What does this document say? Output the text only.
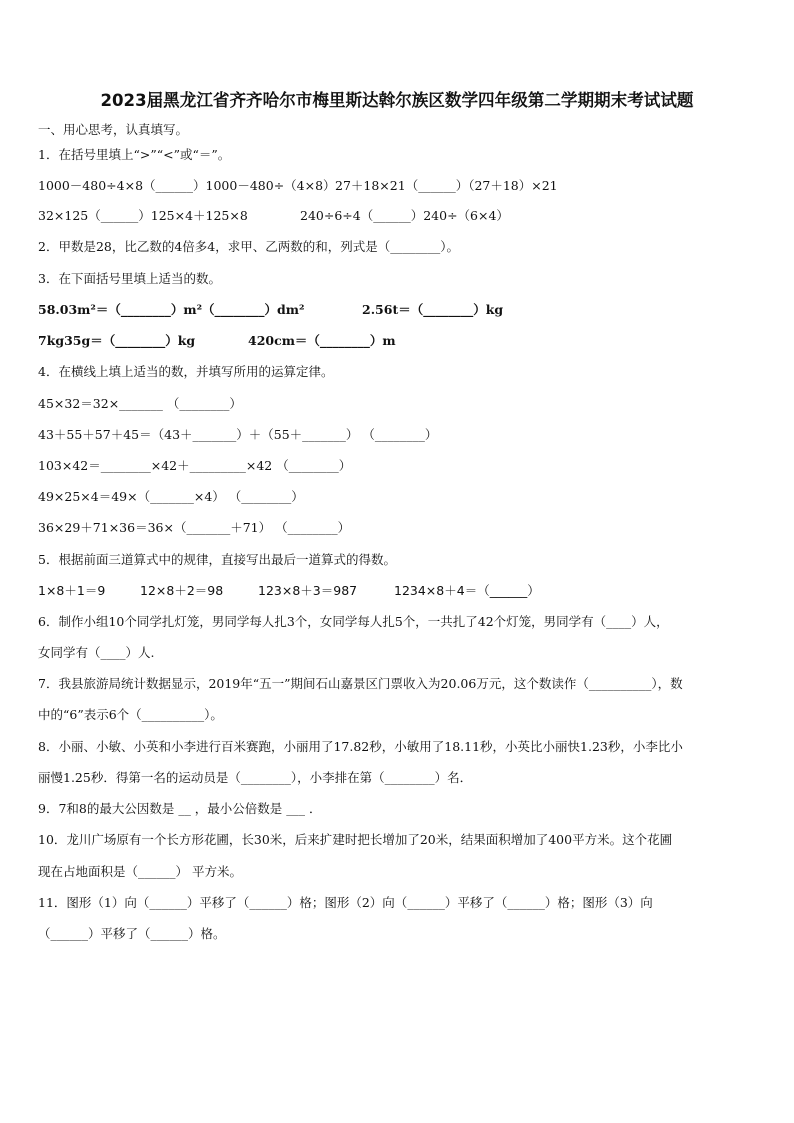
2023届黑龙江省齐齐哈尔市梅里斯达斡尔族区数学四年级第二学期期末考试试题
一、用心思考，认真填写。
1．在括号里填上“>”“<”或“＝”。
1000－480÷4×8（______）1000－480÷（4×8） 27＋18×21（______）（27＋18）×21
32×125（______）125×4＋125×8	240÷6÷4（______）240÷（6×4）
2．甲数是28，比乙数的4倍多4，求甲、乙两数的和，列式是（________）。
3．在下面括号里填上适当的数。
58.03m²＝（________）m²（________）dm²	2.56t＝（________）kg
7kg35g＝（________）kg	420cm＝（________）m
4．在横线上填上适当的数，并填写所用的运算定律。
45×32＝32×_______ （________）
43＋55＋57＋45＝（43＋_______）＋（55＋_______） （________）
103×42＝________×42＋_________×42 （________）
49×25×4＝49×（_______×4） （________）
36×29＋71×36＝36×（_______＋71） （________）
5．根据前面三道算式中的规律，直接写出最后一道算式的得数。
1×8＋1＝9	12×8＋2＝98	123×8＋3＝987	1234×8＋4＝（______）
6．制作小组10个同学扎灯笼，男同学每人扎3个，女同学每人扎5个，一共扎了42个灯笼，男同学有（____）人，
女同学有（____）人.
7．我县旅游局统计数据显示，2019年“五一”期间石山嘉景区门票收入为20.06万元，这个数读作（__________），数
中的“6”表示6个（__________）。
8．小丽、小敏、小英和小李进行百米赛跑，小丽用了17.82秒，小敏用了18.11秒，小英比小丽快1.23秒，小李比小
丽慢1.25秒．得第一名的运动员是（________），小李排在第（________）名．
9．7和8的最大公因数是 __ ，最小公倍数是 ___ ．
10．龙川广场原有一个长方形花圃，长30米，后来扩建时把长增加了20米，结果面积增加了400平方米。这个花圃
现在占地面积是（______） 平方米。
11．图形（1）向（______）平移了（______）格；图形（2）向（______）平移了（______）格；图形（3）向
（______）平移了（______）格。
